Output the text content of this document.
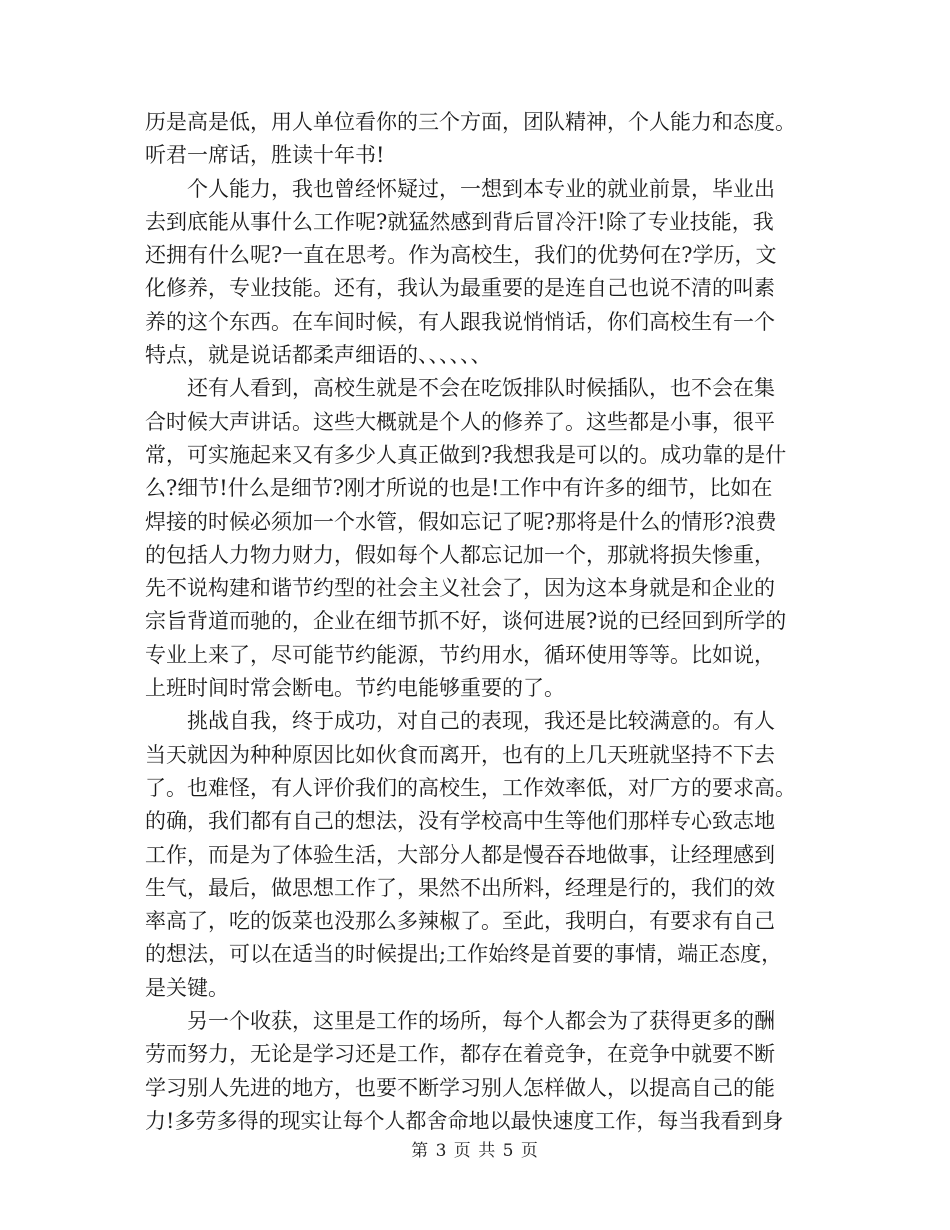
历是高是低，用人单位看你的三个方面，团队精神，个人能力和态度。
听君一席话，胜读十年书!
个人能力，我也曾经怀疑过，一想到本专业的就业前景，毕业出
去到底能从事什么工作呢?就猛然感到背后冒冷汗!除了专业技能，我
还拥有什么呢?一直在思考。作为高校生，我们的优势何在?学历，文
化修养，专业技能。还有，我认为最重要的是连自己也说不清的叫素
养的这个东西。在车间时候，有人跟我说悄悄话，你们高校生有一个
特点，就是说话都柔声细语的、、、、、、
还有人看到，高校生就是不会在吃饭排队时候插队，也不会在集
合时候大声讲话。这些大概就是个人的修养了。这些都是小事，很平
常，可实施起来又有多少人真正做到?我想我是可以的。成功靠的是什
么?细节!什么是细节?刚才所说的也是!工作中有许多的细节，比如在
焊接的时候必须加一个水管，假如忘记了呢?那将是什么的情形?浪费
的包括人力物力财力，假如每个人都忘记加一个，那就将损失惨重，
先不说构建和谐节约型的社会主义社会了，因为这本身就是和企业的
宗旨背道而驰的，企业在细节抓不好，谈何进展?说的已经回到所学的
专业上来了，尽可能节约能源，节约用水，循环使用等等。比如说，
上班时间时常会断电。节约电能够重要的了。
挑战自我，终于成功，对自己的表现，我还是比较满意的。有人
当天就因为种种原因比如伙食而离开，也有的上几天班就坚持不下去
了。也难怪，有人评价我们的高校生，工作效率低，对厂方的要求高。
的确，我们都有自己的想法，没有学校高中生等他们那样专心致志地
工作，而是为了体验生活，大部分人都是慢吞吞地做事，让经理感到
生气，最后，做思想工作了，果然不出所料，经理是行的，我们的效
率高了，吃的饭菜也没那么多辣椒了。至此，我明白，有要求有自己
的想法，可以在适当的时候提出;工作始终是首要的事情，端正态度，
是关键。
另一个收获，这里是工作的场所，每个人都会为了获得更多的酬
劳而努力，无论是学习还是工作，都存在着竞争，在竞争中就要不断
学习别人先进的地方，也要不断学习别人怎样做人，以提高自己的能
力!多劳多得的现实让每个人都舍命地以最快速度工作，每当我看到身
第 3 页 共 5 页
